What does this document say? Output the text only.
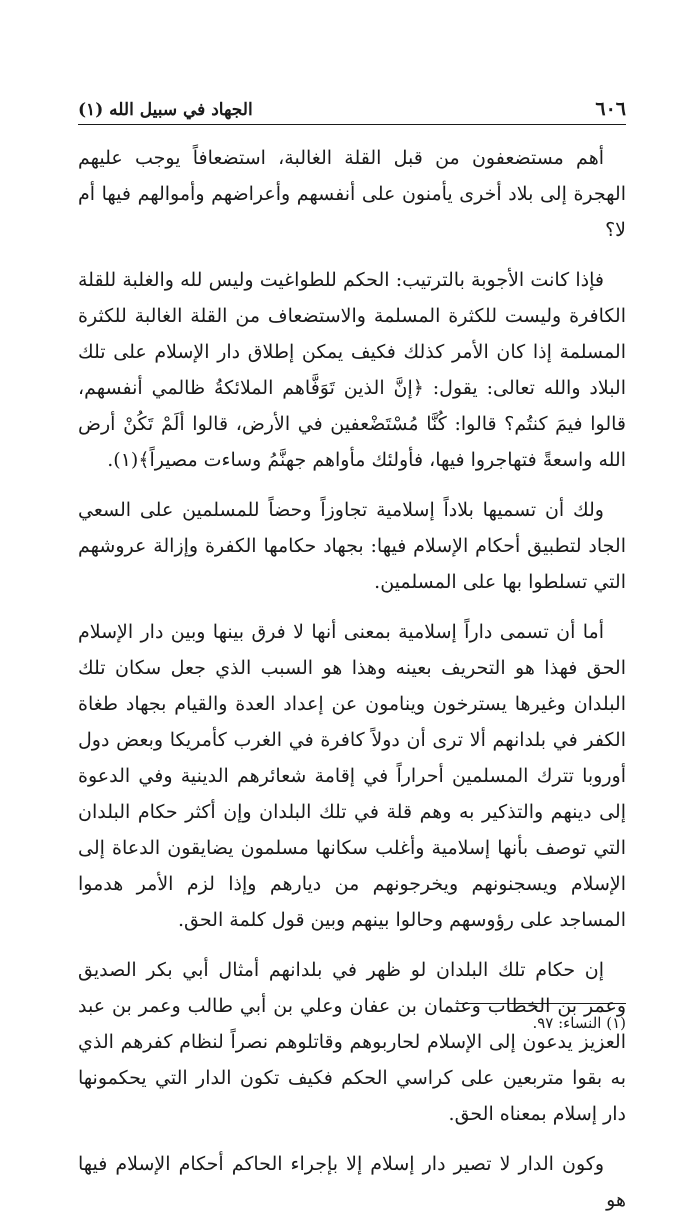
٦٠٦
الجهاد في سبيل الله (١)

أهم مستضعفون من قبل القلة الغالبة، استضعافاً يوجب عليهم الهجرة إلى بلاد أخرى يأمنون على أنفسهم وأعراضهم وأموالهم فيها أم لا؟

فإذا كانت الأجوبة بالترتيب: الحكم للطواغيت وليس لله والغلبة للقلة الكافرة وليست للكثرة المسلمة والاستضعاف من القلة الغالبة للكثرة المسلمة إذا كان الأمر كذلك فكيف يمكن إطلاق دار الإسلام على تلك البلاد والله تعالى: يقول: ﴿إنَّ الذين تَوَفَّاهم الملائكةُ ظالمي أنفسهم، قالوا فيمَ كنتُم؟ قالوا: كُنَّا مُسْتَضْعفين في الأرض، قالوا ألَمْ تَكُنْ أرض الله واسعةً فتهاجروا فيها، فأولئك مأواهم جهنَّمُ وساءت مصيراً﴾(١).

ولك أن تسميها بلاداً إسلامية تجاوزاً وحضاً للمسلمين على السعي الجاد لتطبيق أحكام الإسلام فيها: بجهاد حكامها الكفرة وإزالة عروشهم التي تسلطوا بها على المسلمين.

أما أن تسمى داراً إسلامية بمعنى أنها لا فرق بينها وبين دار الإسلام الحق فهذا هو التحريف بعينه وهذا هو السبب الذي جعل سكان تلك البلدان وغيرها يسترخون وينامون عن إعداد العدة والقيام بجهاد طغاة الكفر في بلدانهم ألا ترى أن دولاً كافرة في الغرب كأمريكا وبعض دول أوروبا تترك المسلمين أحراراً في إقامة شعائرهم الدينية وفي الدعوة إلى دينهم والتذكير به وهم قلة في تلك البلدان وإن أكثر حكام البلدان التي توصف بأنها إسلامية وأغلب سكانها مسلمون يضايقون الدعاة إلى الإسلام ويسجنونهم ويخرجونهم من ديارهم وإذا لزم الأمر هدموا المساجد على رؤوسهم وحالوا بينهم وبين قول كلمة الحق.

إن حكام تلك البلدان لو ظهر في بلدانهم أمثال أبي بكر الصديق وعمر بن الخطاب وعثمان بن عفان وعلي بن أبي طالب وعمر بن عبد العزيز يدعون إلى الإسلام لحاربوهم وقاتلوهم نصراً لنظام كفرهم الذي به بقوا متربعين على كراسي الحكم فكيف تكون الدار التي يحكمونها دار إسلام بمعناه الحق.

وكون الدار لا تصير دار إسلام إلا بإجراء الحاكم أحكام الإسلام فيها هو

(١) النساء: ٩٧.
